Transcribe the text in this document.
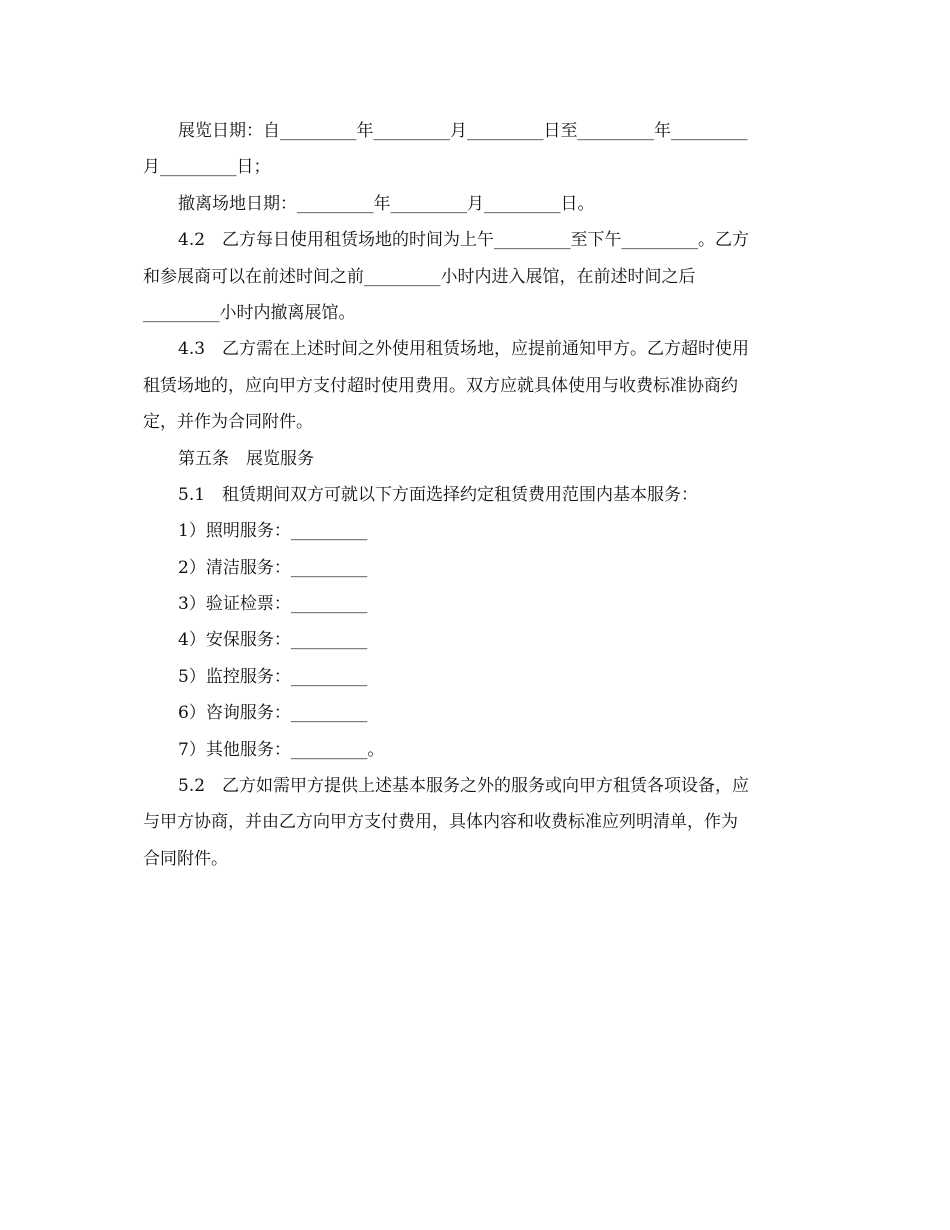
展览日期：自_________年_________月_________日至_________年_________
月_________日；
撤离场地日期：_________年_________月_________日。
4.2　乙方每日使用租赁场地的时间为上午_________至下午_________。乙方
和参展商可以在前述时间之前_________小时内进入展馆，在前述时间之后
_________小时内撤离展馆。
4.3　乙方需在上述时间之外使用租赁场地，应提前通知甲方。乙方超时使用
租赁场地的，应向甲方支付超时使用费用。双方应就具体使用与收费标准协商约
定，并作为合同附件。
第五条　展览服务
5.1　租赁期间双方可就以下方面选择约定租赁费用范围内基本服务：
1）照明服务：_________
2）清洁服务：_________
3）验证检票：_________
4）安保服务：_________
5）监控服务：_________
6）咨询服务：_________
7）其他服务：_________。
5.2　乙方如需甲方提供上述基本服务之外的服务或向甲方租赁各项设备，应
与甲方协商，并由乙方向甲方支付费用，具体内容和收费标准应列明清单，作为
合同附件。
